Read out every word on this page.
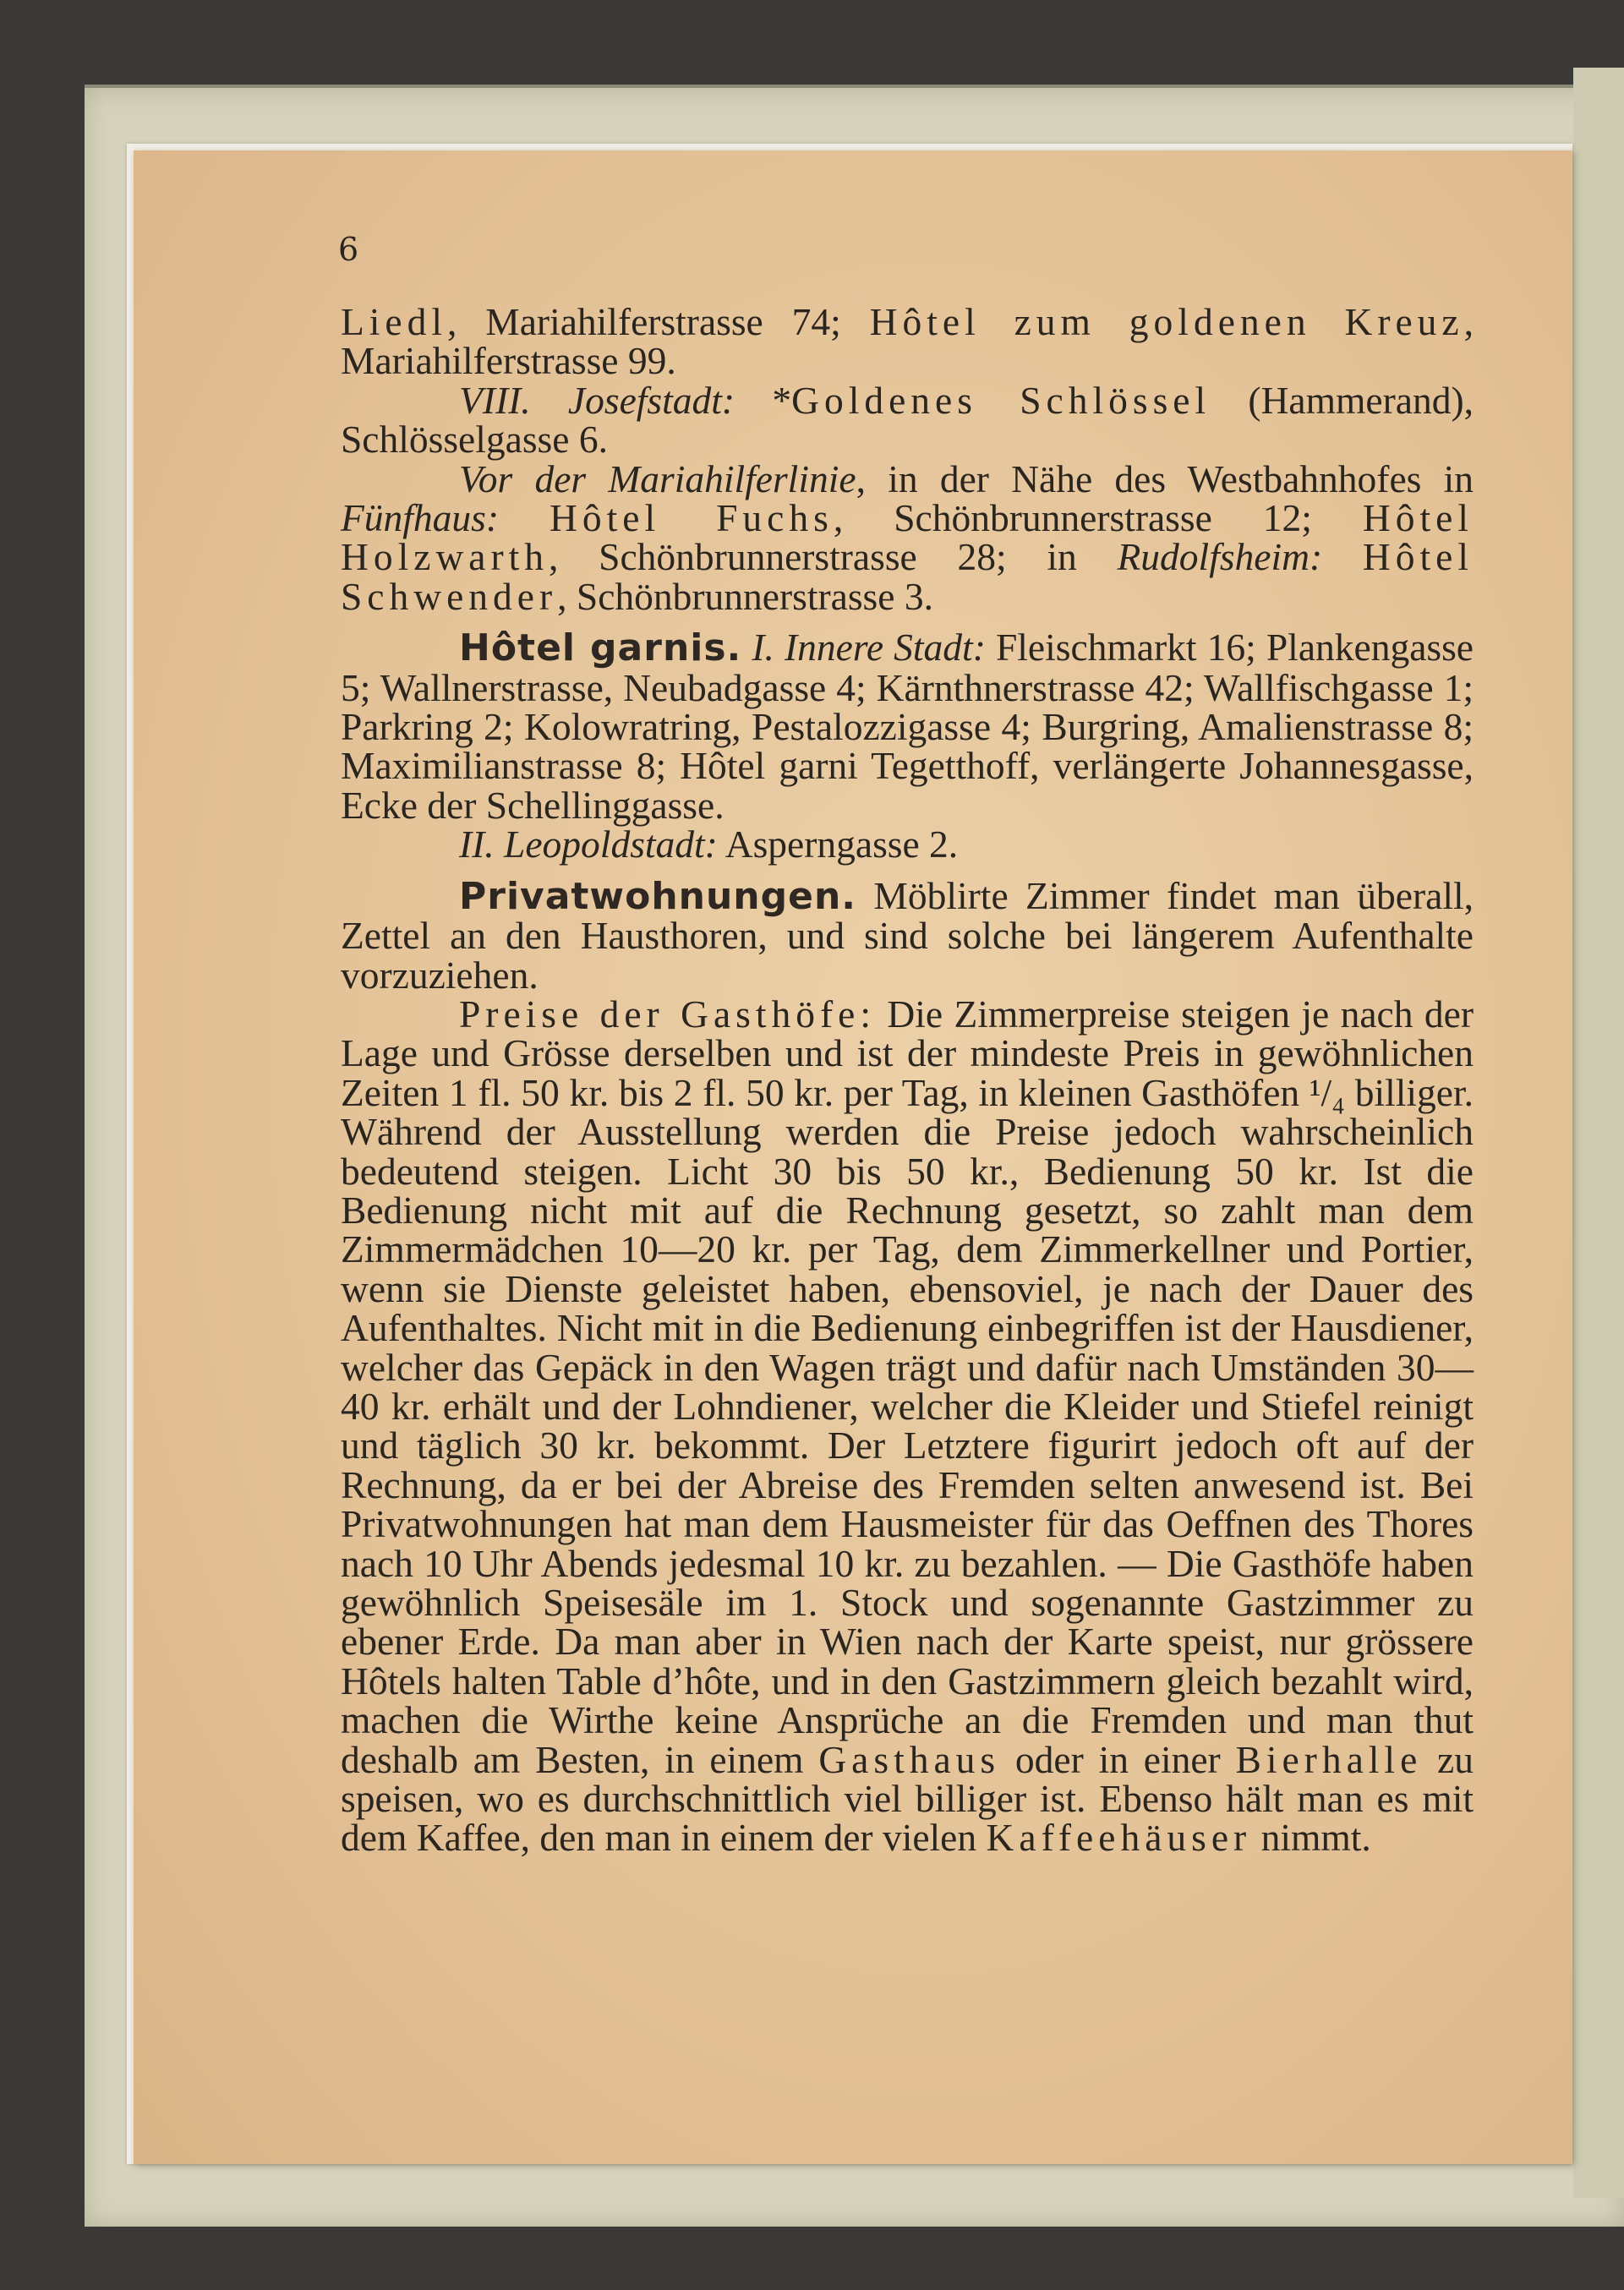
6

Liedl, Mariahilferstrasse 74; Hôtel zum goldenen Kreuz, Mariahilferstrasse 99.

VIII. Josefstadt: *Goldenes Schlössel (Hammerand), Schlösselgasse 6.

Vor der Mariahilferlinie, in der Nähe des Westbahnhofes in Fünfhaus: Hôtel Fuchs, Schönbrunnerstrasse 12; Hôtel Holzwarth, Schönbrunnerstrasse 28; in Rudolfsheim: Hôtel Schwender, Schönbrunnerstrasse 3.

Hôtel garnis. I. Innere Stadt: Fleischmarkt 16; Plankengasse 5; Wallnerstrasse, Neubadgasse 4; Kärnthnerstrasse 42; Wallfischgasse 1; Parkring 2; Kolowratring, Pestalozzigasse 4; Burgring, Amalienstrasse 8; Maximilianstrasse 8; Hôtel garni Tegetthoff, verlängerte Johannesgasse, Ecke der Schellinggasse.

II. Leopoldstadt: Asperngasse 2.

Privatwohnungen. Möblirte Zimmer findet man überall, Zettel an den Hausthoren, und sind solche bei längerem Aufenthalte vorzuziehen.

Preise der Gasthöfe: Die Zimmerpreise steigen je nach der Lage und Grösse derselben und ist der mindeste Preis in gewöhnlichen Zeiten 1 fl. 50 kr. bis 2 fl. 50 kr. per Tag, in kleinen Gasthöfen ¹/₄ billiger. Während der Ausstellung werden die Preise jedoch wahrscheinlich bedeutend steigen. Licht 30 bis 50 kr., Bedienung 50 kr. Ist die Bedienung nicht mit auf die Rechnung gesetzt, so zahlt man dem Zimmermädchen 10—20 kr. per Tag, dem Zimmerkellner und Portier, wenn sie Dienste geleistet haben, ebensoviel, je nach der Dauer des Aufenthaltes. Nicht mit in die Bedienung einbegriffen ist der Hausdiener, welcher das Gepäck in den Wagen trägt und dafür nach Umständen 30—40 kr. erhält und der Lohndiener, welcher die Kleider und Stiefel reinigt und täglich 30 kr. bekommt. Der Letztere figurirt jedoch oft auf der Rechnung, da er bei der Abreise des Fremden selten anwesend ist. Bei Privatwohnungen hat man dem Hausmeister für das Oeffnen des Thores nach 10 Uhr Abends jedesmal 10 kr. zu bezahlen. — Die Gasthöfe haben gewöhnlich Speisesäle im 1. Stock und sogenannte Gastzimmer zu ebener Erde. Da man aber in Wien nach der Karte speist, nur grössere Hôtels halten Table d’hôte, und in den Gastzimmern gleich bezahlt wird, machen die Wirthe keine Ansprüche an die Fremden und man thut deshalb am Besten, in einem Gasthaus oder in einer Bierhalle zu speisen, wo es durchschnittlich viel billiger ist. Ebenso hält man es mit dem Kaffee, den man in einem der vielen Kaffeehäuser nimmt.
